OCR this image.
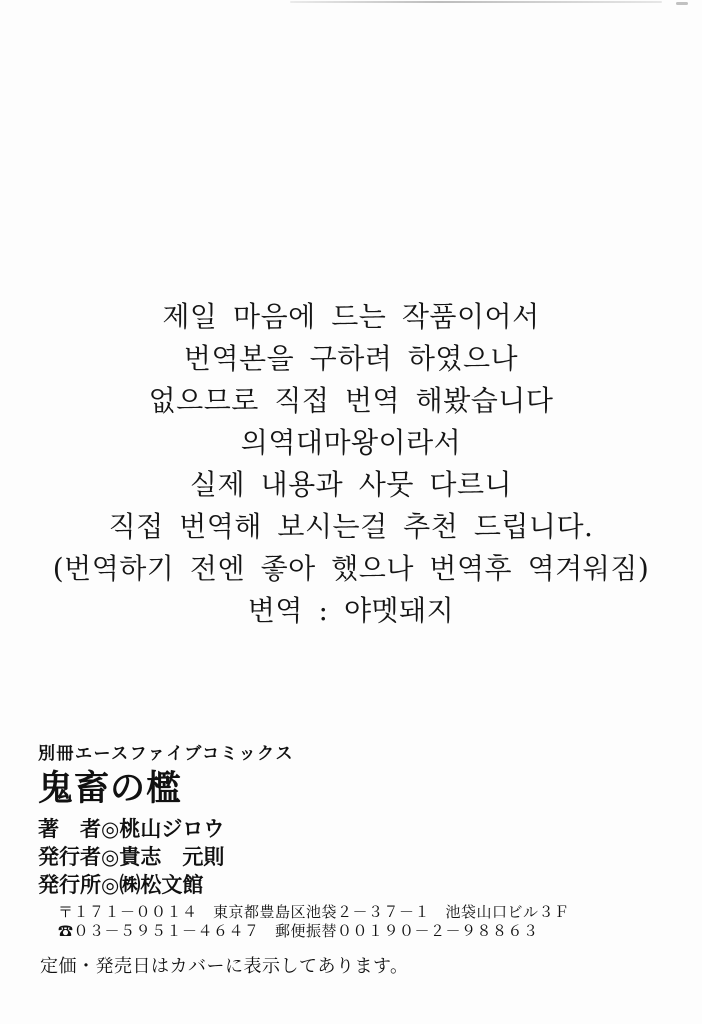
제일 마음에 드는 작품이어서

번역본을 구하려 하였으나

없으므로 직접 번역 해봤습니다

의역대마왕이라서

실제 내용과 사뭇 다르니

직접 번역해 보시는걸 추천 드립니다.

(번역하기 전엔 좋아 했으나 번역후 역겨워짐)

변역 : 야멧돼지

別冊エースファイブコミックス
鬼畜の檻
著　者◎桃山ジロウ
発行者◎貴志　元則
発行所◎㈱松文館
〒１７１－００１４　東京都豊島区池袋２－３７－１　池袋山口ビル３Ｆ
☎０３－５９５１－４６４７　郵便振替００１９０－２－９８８６３
定価・発売日はカバーに表示してあります。
